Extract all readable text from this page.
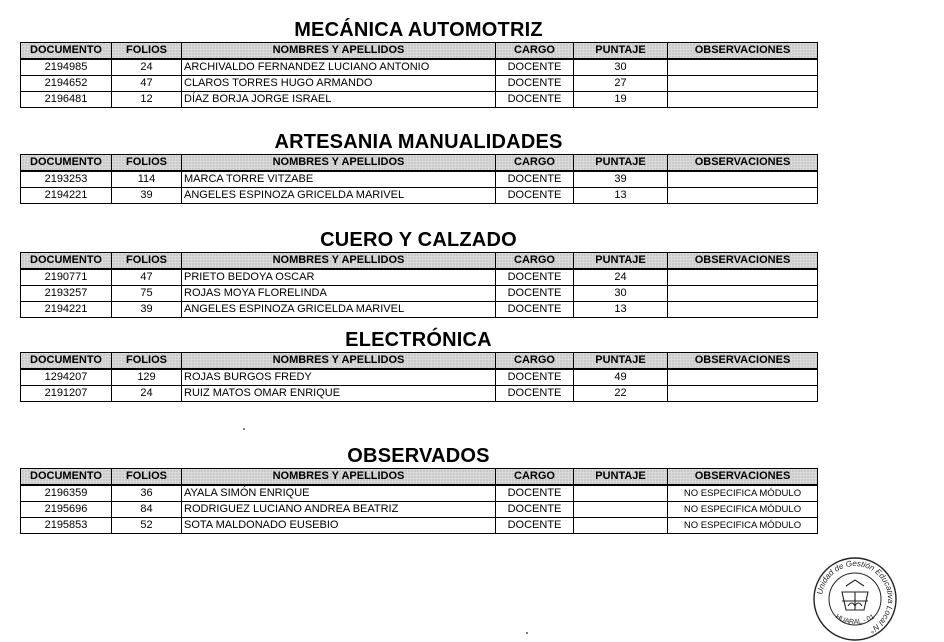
MECÁNICA AUTOMOTRIZ
DOCUMENTO	FOLIOS	NOMBRES Y APELLIDOS	CARGO	PUNTAJE	OBSERVACIONES
2194985	24	ARCHIVALDO FERNANDEZ LUCIANO ANTONIO	DOCENTE	30	
2194652	47	CLAROS TORRES HUGO ARMANDO	DOCENTE	27	
2196481	12	DÍAZ BORJA JORGE ISRAEL	DOCENTE	19	
ARTESANIA MANUALIDADES
DOCUMENTO	FOLIOS	NOMBRES Y APELLIDOS	CARGO	PUNTAJE	OBSERVACIONES
2193253	114	MARCA TORRE VITZABE	DOCENTE	39	
2194221	39	ANGELES ESPINOZA GRICELDA MARIVEL	DOCENTE	13	
CUERO Y CALZADO
DOCUMENTO	FOLIOS	NOMBRES Y APELLIDOS	CARGO	PUNTAJE	OBSERVACIONES
2190771	47	PRIETO BEDOYA OSCAR	DOCENTE	24	
2193257	75	ROJAS MOYA FLORELINDA	DOCENTE	30	
2194221	39	ANGELES ESPINOZA GRICELDA MARIVEL	DOCENTE	13	
ELECTRÓNICA
DOCUMENTO	FOLIOS	NOMBRES Y APELLIDOS	CARGO	PUNTAJE	OBSERVACIONES
1294207	129	ROJAS BURGOS FREDY	DOCENTE	49	
2191207	24	RUIZ MATOS OMAR ENRIQUE	DOCENTE	22	
OBSERVADOS
DOCUMENTO	FOLIOS	NOMBRES Y APELLIDOS	CARGO	PUNTAJE	OBSERVACIONES
2196359	36	AYALA SIMÓN ENRIQUE	DOCENTE		NO ESPECIFICA MÓDULO
2195696	84	RODRIGUEZ LUCIANO ANDREA BEATRIZ	DOCENTE		NO ESPECIFICA MÓDULO
2195853	52	SOTA MALDONADO EUSEBIO	DOCENTE		NO ESPECIFICA MÓDULO
Unidad de Gestión Educativa Local N°
HUARAL - 01
